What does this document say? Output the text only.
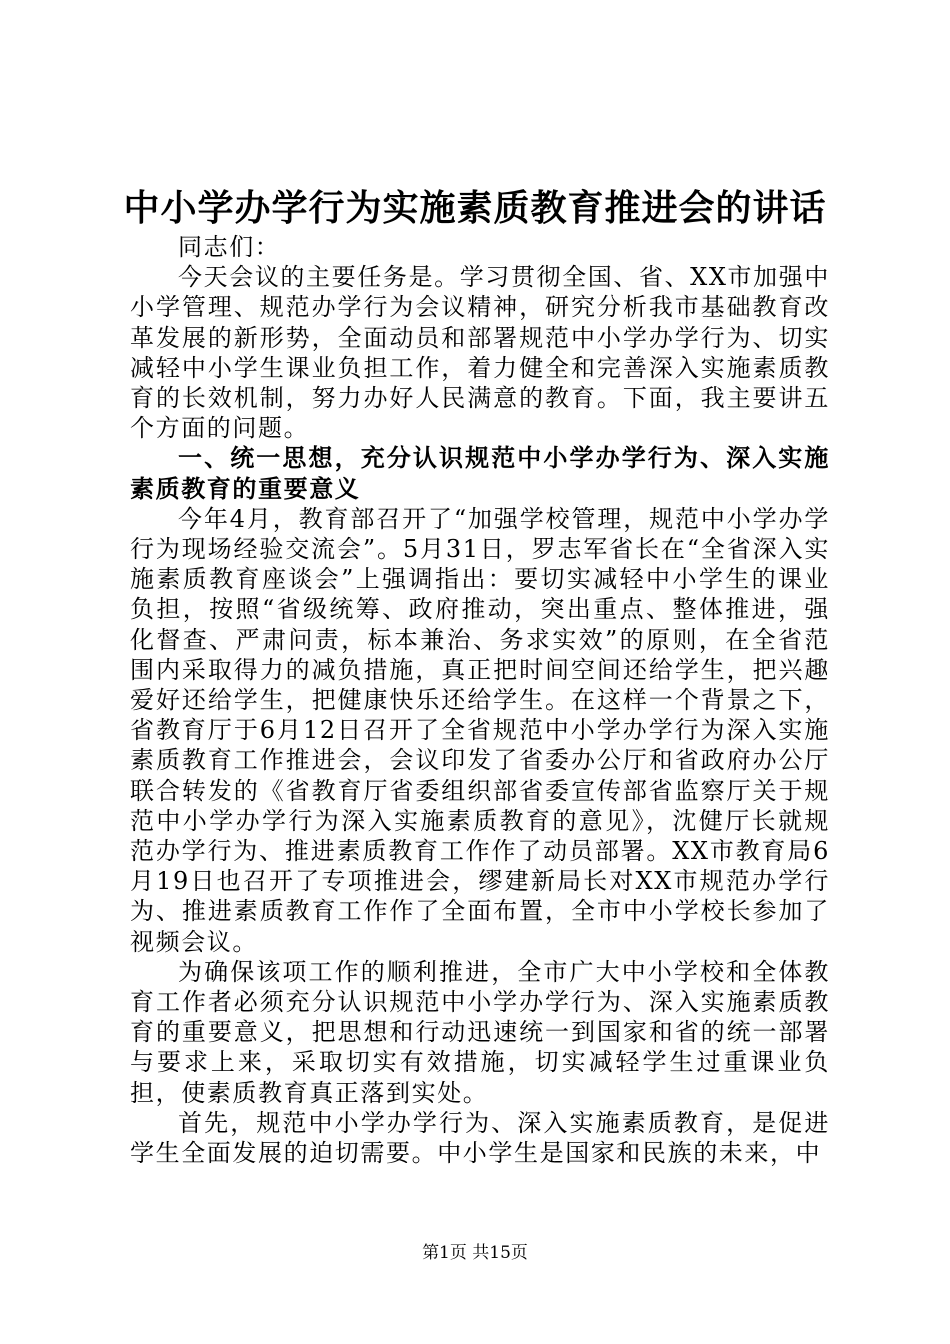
中小学办学行为实施素质教育推进会的讲话

同志们：

今天会议的主要任务是。学习贯彻全国、省、XX市加强中小学管理、规范办学行为会议精神，研究分析我市基础教育改革发展的新形势，全面动员和部署规范中小学办学行为、切实减轻中小学生课业负担工作，着力健全和完善深入实施素质教育的长效机制，努力办好人民满意的教育。下面，我主要讲五个方面的问题。

一、统一思想，充分认识规范中小学办学行为、深入实施素质教育的重要意义

今年4月，教育部召开了“加强学校管理，规范中小学办学行为现场经验交流会”。5月31日，罗志军省长在“全省深入实施素质教育座谈会”上强调指出：要切实减轻中小学生的课业负担，按照“省级统筹、政府推动，突出重点、整体推进，强化督查、严肃问责，标本兼治、务求实效”的原则，在全省范围内采取得力的减负措施，真正把时间空间还给学生，把兴趣爱好还给学生，把健康快乐还给学生。在这样一个背景之下，省教育厅于6月12日召开了全省规范中小学办学行为深入实施素质教育工作推进会，会议印发了省委办公厅和省政府办公厅联合转发的《省教育厅省委组织部省委宣传部省监察厅关于规范中小学办学行为深入实施素质教育的意见》，沈健厅长就规范办学行为、推进素质教育工作作了动员部署。XX市教育局6月19日也召开了专项推进会，缪建新局长对XX市规范办学行为、推进素质教育工作作了全面布置，全市中小学校长参加了视频会议。

为确保该项工作的顺利推进，全市广大中小学校和全体教育工作者必须充分认识规范中小学办学行为、深入实施素质教育的重要意义，把思想和行动迅速统一到国家和省的统一部署与要求上来，采取切实有效措施，切实减轻学生过重课业负担，使素质教育真正落到实处。

首先，规范中小学办学行为、深入实施素质教育，是促进学生全面发展的迫切需要。中小学生是国家和民族的未来，中

第1页 共15页
